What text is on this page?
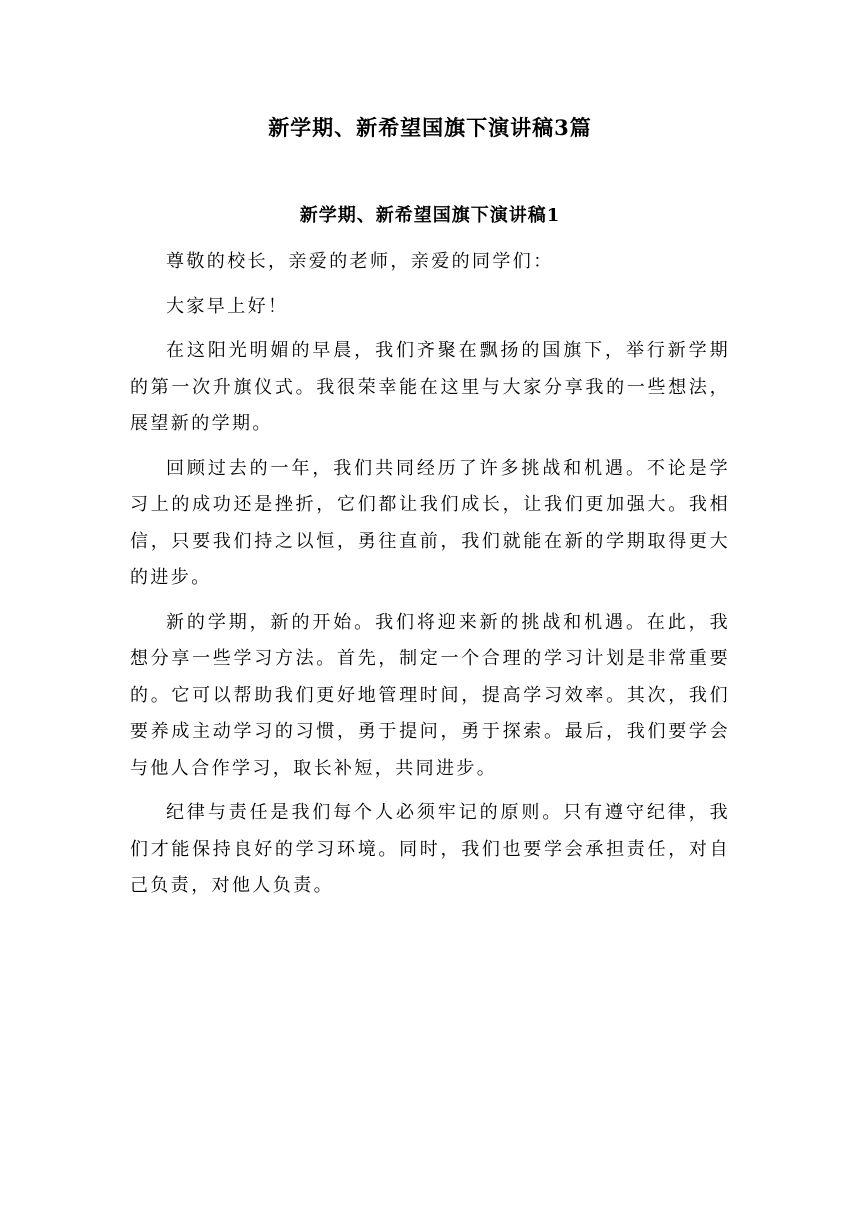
新学期、新希望国旗下演讲稿3篇
新学期、新希望国旗下演讲稿1

尊敬的校长，亲爱的老师，亲爱的同学们：

大家早上好！

在这阳光明媚的早晨，我们齐聚在飘扬的国旗下，举行新学期的第一次升旗仪式。我很荣幸能在这里与大家分享我的一些想法，展望新的学期。

回顾过去的一年，我们共同经历了许多挑战和机遇。不论是学习上的成功还是挫折，它们都让我们成长，让我们更加强大。我相信，只要我们持之以恒，勇往直前，我们就能在新的学期取得更大的进步。

新的学期，新的开始。我们将迎来新的挑战和机遇。在此，我想分享一些学习方法。首先，制定一个合理的学习计划是非常重要的。它可以帮助我们更好地管理时间，提高学习效率。其次，我们要养成主动学习的习惯，勇于提问，勇于探索。最后，我们要学会与他人合作学习，取长补短，共同进步。

纪律与责任是我们每个人必须牢记的原则。只有遵守纪律，我们才能保持良好的学习环境。同时，我们也要学会承担责任，对自己负责，对他人负责。
